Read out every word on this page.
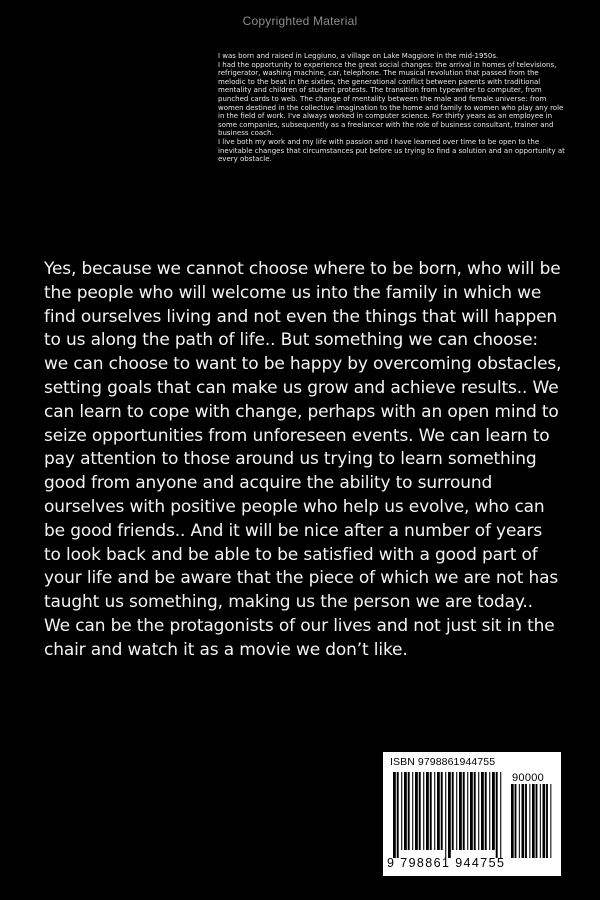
Copyrighted Material

I was born and raised in Leggiuno, a village on Lake Maggiore in the mid-1950s.

I had the opportunity to experience the great social changes: the arrival in homes of televisions, refrigerator, washing machine, car, telephone. The musical revolution that passed from the melodic to the beat in the sixties, the generational conflict between parents with traditional mentality and children of student protests. The transition from typewriter to computer, from punched cards to web. The change of mentality between the male and female universe: from women destined in the collective imagination to the home and family to women who play any role in the field of work. I've always worked in computer science. For thirty years as an employee in some companies, subsequently as a freelancer with the role of business consultant, trainer and business coach.

I live both my work and my life with passion and I have learned over time to be open to the inevitable changes that circumstances put before us trying to find a solution and an opportunity at every obstacle.

Yes, because we cannot choose where to be born, who will be the people who will welcome us into the family in which we find ourselves living and not even the things that will happen to us along the path of life.. But something we can choose: we can choose to want to be happy by overcoming obstacles, setting goals that can make us grow and achieve results.. We can learn to cope with change, perhaps with an open mind to seize opportunities from unforeseen events. We can learn to pay attention to those around us trying to learn something good from anyone and acquire the ability to surround ourselves with positive people who help us evolve, who can be good friends.. And it will be nice after a number of years to look back and be able to be satisfied with a good part of your life and be aware that the piece of which we are not has taught us something, making us the person we are today.. We can be the protagonists of our lives and not just sit in the chair and watch it as a movie we don’t like.

ISBN 9798861944755
90000
9 798861 944755
